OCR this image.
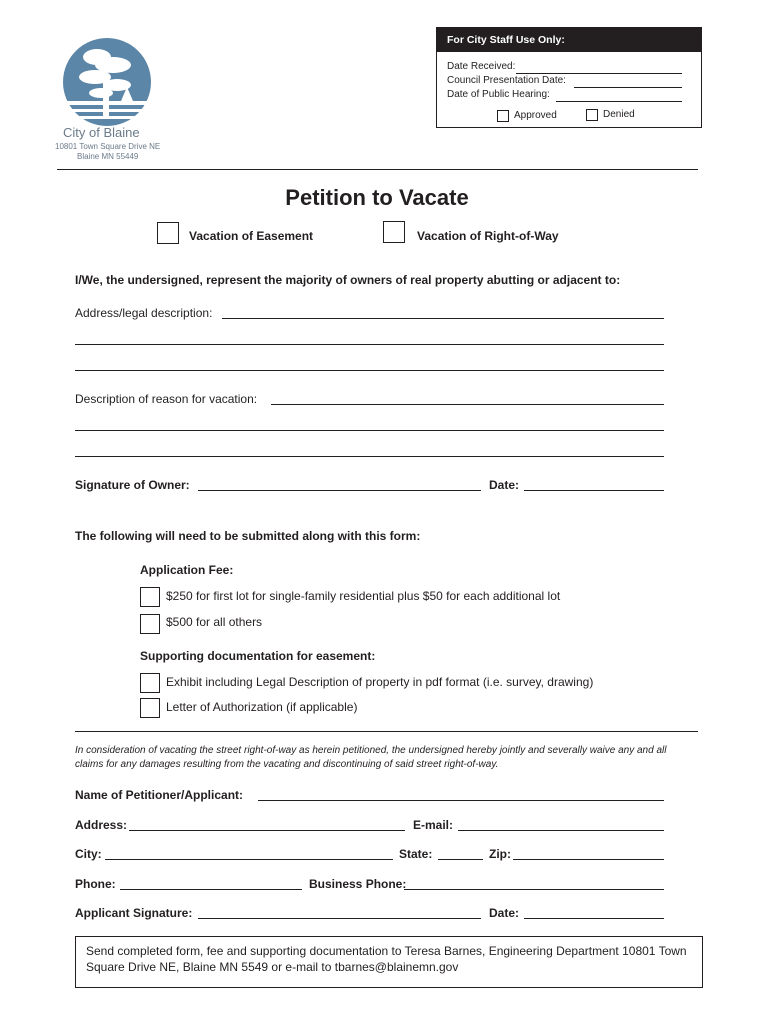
City of Blaine
10801 Town Square Drive NE
Blaine MN 55449
For City Staff Use Only:
Date Received:
Council Presentation Date:
Date of Public Hearing:
Approved	Denied
Petition to Vacate
Vacation of Easement	Vacation of Right-of-Way
I/We, the undersigned, represent the majority of owners of real property abutting or adjacent to:
Address/legal description:
Description of reason for vacation:
Signature of Owner:	Date:
The following will need to be submitted along with this form:
Application Fee:
$250 for first lot for single-family residential plus $50 for each additional lot
$500 for all others
Supporting documentation for easement:
Exhibit including Legal Description of property in pdf format (i.e. survey, drawing)
Letter of Authorization (if applicable)
In consideration of vacating the street right-of-way as herein petitioned, the undersigned hereby jointly and severally waive any and all claims for any damages resulting from the vacating and discontinuing of said street right-of-way.
Name of Petitioner/Applicant:
Address:	E-mail:
City:	State:	Zip:
Phone:	Business Phone:
Applicant Signature:	Date:
Send completed form, fee and supporting documentation to Teresa Barnes, Engineering Department 10801 Town Square Drive NE, Blaine MN 5549 or e-mail to tbarnes@blainemn.gov
